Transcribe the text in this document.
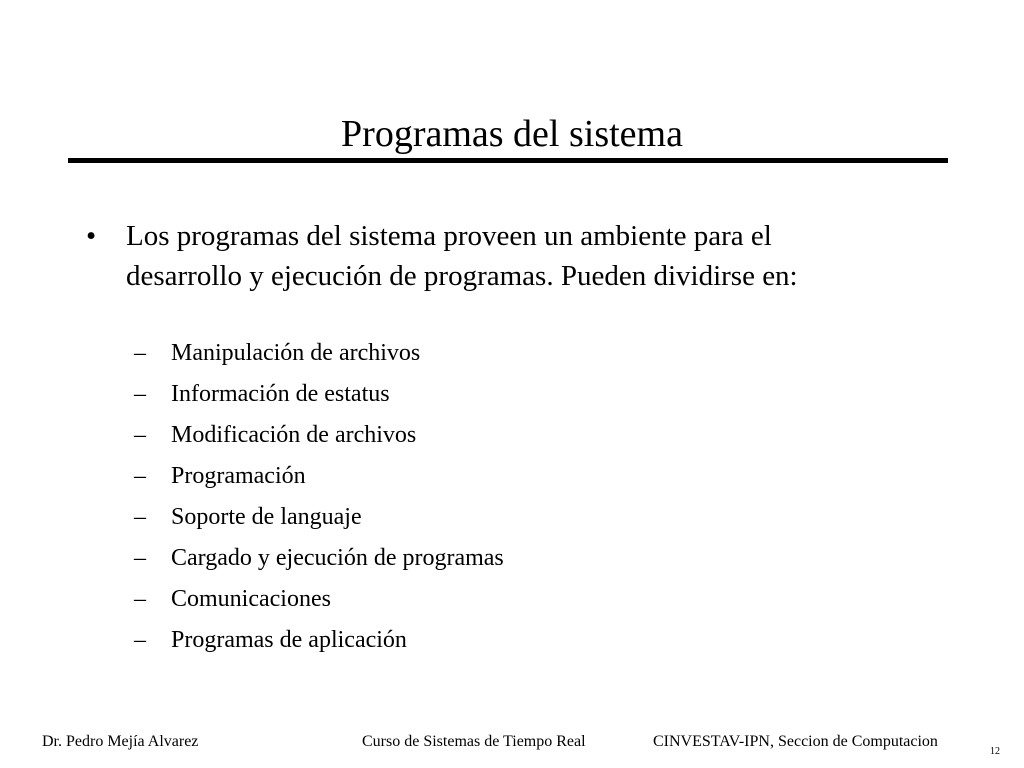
Programas del sistema
• Los programas del sistema proveen un ambiente para el
desarrollo y ejecución de programas. Pueden dividirse en:
– Manipulación de archivos
– Información de estatus
– Modificación de archivos
– Programación
– Soporte de languaje
– Cargado y ejecución de programas
– Comunicaciones
– Programas de aplicación
Dr. Pedro Mejía Alvarez	Curso de Sistemas de Tiempo Real	CINVESTAV-IPN, Seccion de Computacion
12
